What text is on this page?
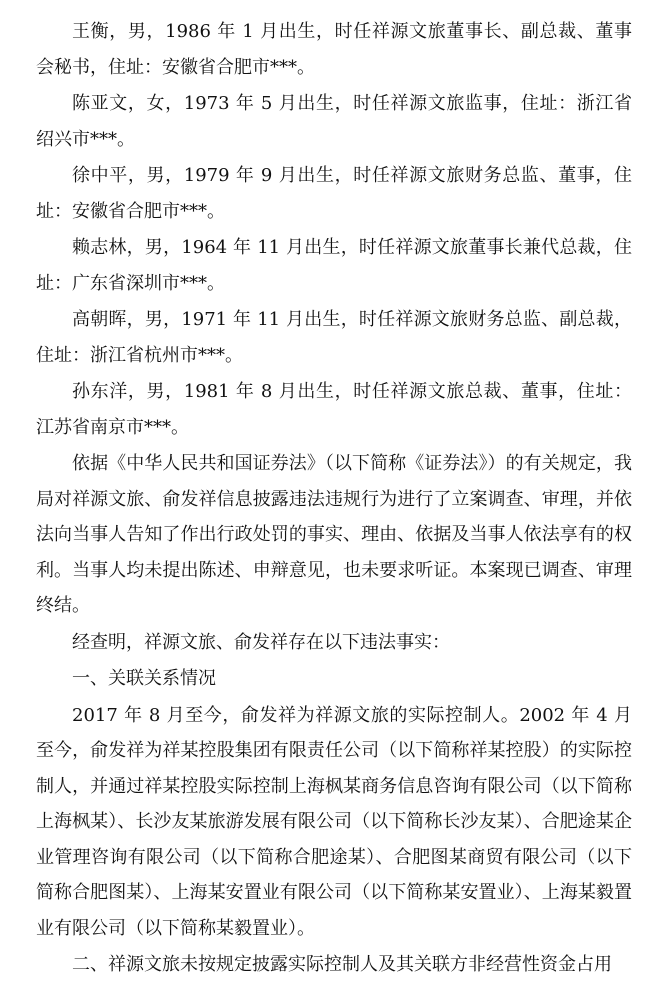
王衡，男，1986 年 1 月出生，时任祥源文旅董事长、副总裁、董事会秘书，住址：安徽省合肥市***。

陈亚文，女，1973 年 5 月出生，时任祥源文旅监事，住址：浙江省绍兴市***。

徐中平，男，1979 年 9 月出生，时任祥源文旅财务总监、董事，住址：安徽省合肥市***。

赖志林，男，1964 年 11 月出生，时任祥源文旅董事长兼代总裁，住址：广东省深圳市***。

高朝晖，男，1971 年 11 月出生，时任祥源文旅财务总监、副总裁，住址：浙江省杭州市***。

孙东洋，男，1981 年 8 月出生，时任祥源文旅总裁、董事，住址：江苏省南京市***。

依据《中华人民共和国证券法》（以下简称《证券法》）的有关规定，我局对祥源文旅、俞发祥信息披露违法违规行为进行了立案调查、审理，并依法向当事人告知了作出行政处罚的事实、理由、依据及当事人依法享有的权利。当事人均未提出陈述、申辩意见，也未要求听证。本案现已调查、审理终结。

经查明，祥源文旅、俞发祥存在以下违法事实：

一、关联关系情况

2017 年 8 月至今，俞发祥为祥源文旅的实际控制人。2002 年 4 月至今，俞发祥为祥某控股集团有限责任公司（以下简称祥某控股）的实际控制人，并通过祥某控股实际控制上海枫某商务信息咨询有限公司（以下简称上海枫某）、长沙友某旅游发展有限公司（以下简称长沙友某）、合肥途某企业管理咨询有限公司（以下简称合肥途某）、合肥图某商贸有限公司（以下简称合肥图某）、上海某安置业有限公司（以下简称某安置业）、上海某毅置业有限公司（以下简称某毅置业）。

二、祥源文旅未按规定披露实际控制人及其关联方非经营性资金占用
